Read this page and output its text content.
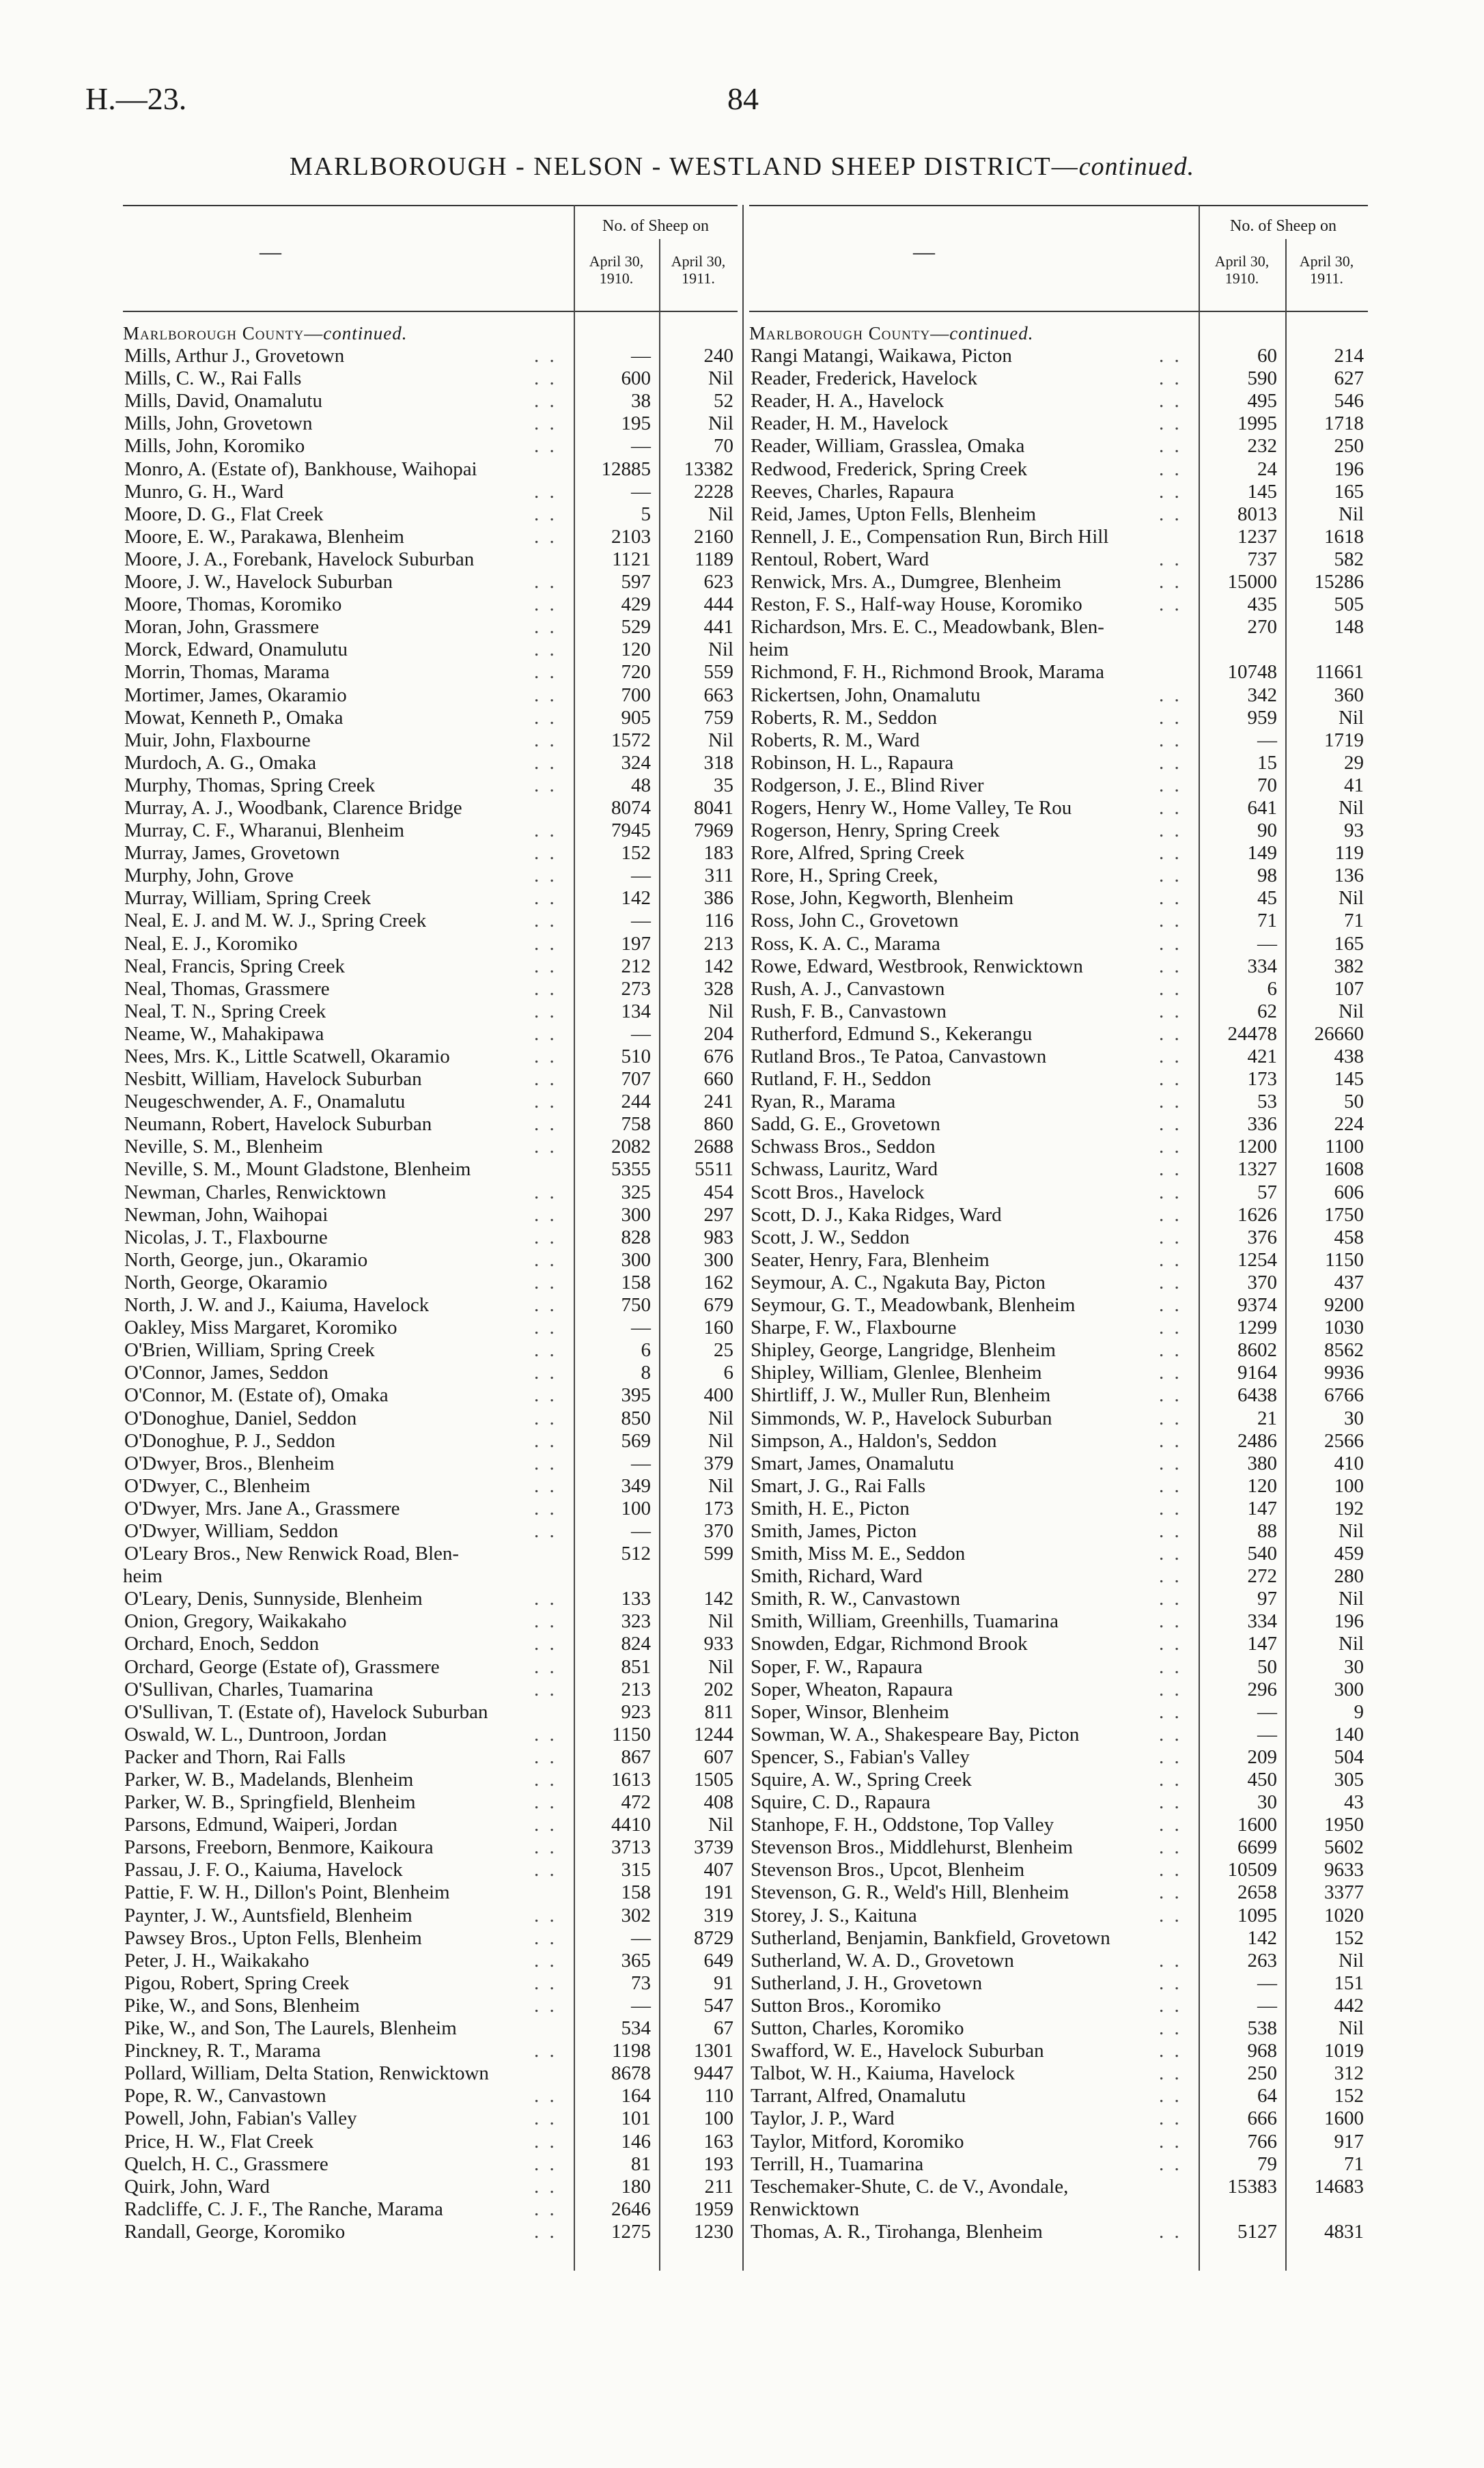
H.—23.	84
MARLBOROUGH - NELSON - WESTLAND SHEEP DISTRICT—continued.
—
No. of Sheep on
April 30,
1910.
April 30,
1911.
Marlborough County—continued.
Mills, Arthur J., Grovetown	. .	—	240
Mills, C. W., Rai Falls	. .	600	Nil
Mills, David, Onamalutu	. .	38	52
Mills, John, Grovetown	. .	195	Nil
Mills, John, Koromiko	. .	—	70
Monro, A. (Estate of), Bankhouse, Waihopai	12885	13382
Munro, G. H., Ward	. .	—	2228
Moore, D. G., Flat Creek	. .	5	Nil
Moore, E. W., Parakawa, Blenheim	. .	2103	2160
Moore, J. A., Forebank, Havelock Suburban	1121	1189
Moore, J. W., Havelock Suburban	. .	597	623
Moore, Thomas, Koromiko	. .	429	444
Moran, John, Grassmere	. .	529	441
Morck, Edward, Onamulutu	. .	120	Nil
Morrin, Thomas, Marama	. .	720	559
Mortimer, James, Okaramio	. .	700	663
Mowat, Kenneth P., Omaka	. .	905	759
Muir, John, Flaxbourne	. .	1572	Nil
Murdoch, A. G., Omaka	. .	324	318
Murphy, Thomas, Spring Creek	. .	48	35
Murray, A. J., Woodbank, Clarence Bridge	8074	8041
Murray, C. F., Wharanui, Blenheim	. .	7945	7969
Murray, James, Grovetown	. .	152	183
Murphy, John, Grove	. .	—	311
Murray, William, Spring Creek	. .	142	386
Neal, E. J. and M. W. J., Spring Creek	. .	—	116
Neal, E. J., Koromiko	. .	197	213
Neal, Francis, Spring Creek	. .	212	142
Neal, Thomas, Grassmere	. .	273	328
Neal, T. N., Spring Creek	. .	134	Nil
Neame, W., Mahakipawa	. .	—	204
Nees, Mrs. K., Little Scatwell, Okaramio	. .	510	676
Nesbitt, William, Havelock Suburban	. .	707	660
Neugeschwender, A. F., Onamalutu	. .	244	241
Neumann, Robert, Havelock Suburban	. .	758	860
Neville, S. M., Blenheim	. .	2082	2688
Neville, S. M., Mount Gladstone, Blenheim	5355	5511
Newman, Charles, Renwicktown	. .	325	454
Newman, John, Waihopai	. .	300	297
Nicolas, J. T., Flaxbourne	. .	828	983
North, George, jun., Okaramio	. .	300	300
North, George, Okaramio	. .	158	162
North, J. W. and J., Kaiuma, Havelock	. .	750	679
Oakley, Miss Margaret, Koromiko	. .	—	160
O'Brien, William, Spring Creek	. .	6	25
O'Connor, James, Seddon	. .	8	6
O'Connor, M. (Estate of), Omaka	. .	395	400
O'Donoghue, Daniel, Seddon	. .	850	Nil
O'Donoghue, P. J., Seddon	. .	569	Nil
O'Dwyer, Bros., Blenheim	. .	—	379
O'Dwyer, C., Blenheim	. .	349	Nil
O'Dwyer, Mrs. Jane A., Grassmere	. .	100	173
O'Dwyer, William, Seddon	. .	—	370
O'Leary Bros., New Renwick Road, Blen-	512	599
heim
O'Leary, Denis, Sunnyside, Blenheim	. .	133	142
Onion, Gregory, Waikakaho	. .	323	Nil
Orchard, Enoch, Seddon	. .	824	933
Orchard, George (Estate of), Grassmere	. .	851	Nil
O'Sullivan, Charles, Tuamarina	. .	213	202
O'Sullivan, T. (Estate of), Havelock Suburban	923	811
Oswald, W. L., Duntroon, Jordan	. .	1150	1244
Packer and Thorn, Rai Falls	. .	867	607
Parker, W. B., Madelands, Blenheim	. .	1613	1505
Parker, W. B., Springfield, Blenheim	. .	472	408
Parsons, Edmund, Waiperi, Jordan	. .	4410	Nil
Parsons, Freeborn, Benmore, Kaikoura	. .	3713	3739
Passau, J. F. O., Kaiuma, Havelock	. .	315	407
Pattie, F. W. H., Dillon's Point, Blenheim	158	191
Paynter, J. W., Auntsfield, Blenheim	. .	302	319
Pawsey Bros., Upton Fells, Blenheim	. .	—	8729
Peter, J. H., Waikakaho	. .	365	649
Pigou, Robert, Spring Creek	. .	73	91
Pike, W., and Sons, Blenheim	. .	—	547
Pike, W., and Son, The Laurels, Blenheim	534	67
Pinckney, R. T., Marama	. .	1198	1301
Pollard, William, Delta Station, Renwicktown	8678	9447
Pope, R. W., Canvastown	. .	164	110
Powell, John, Fabian's Valley	. .	101	100
Price, H. W., Flat Creek	. .	146	163
Quelch, H. C., Grassmere	. .	81	193
Quirk, John, Ward	. .	180	211
Radcliffe, C. J. F., The Ranche, Marama	. .	2646	1959
Randall, George, Koromiko	. .	1275	1230
—
No. of Sheep on
April 30,
1910.
April 30,
1911.
Marlborough County—continued.
Rangi Matangi, Waikawa, Picton	. .	60	214
Reader, Frederick, Havelock	. .	590	627
Reader, H. A., Havelock	. .	495	546
Reader, H. M., Havelock	. .	1995	1718
Reader, William, Grasslea, Omaka	. .	232	250
Redwood, Frederick, Spring Creek	. .	24	196
Reeves, Charles, Rapaura	. .	145	165
Reid, James, Upton Fells, Blenheim	. .	8013	Nil
Rennell, J. E., Compensation Run, Birch Hill	1237	1618
Rentoul, Robert, Ward	. .	737	582
Renwick, Mrs. A., Dumgree, Blenheim	. .	15000	15286
Reston, F. S., Half-way House, Koromiko	. .	435	505
Richardson, Mrs. E. C., Meadowbank, Blen-	270	148
heim
Richmond, F. H., Richmond Brook, Marama	10748	11661
Rickertsen, John, Onamalutu	. .	342	360
Roberts, R. M., Seddon	. .	959	Nil
Roberts, R. M., Ward	. .	—	1719
Robinson, H. L., Rapaura	. .	15	29
Rodgerson, J. E., Blind River	. .	70	41
Rogers, Henry W., Home Valley, Te Rou	. .	641	Nil
Rogerson, Henry, Spring Creek	. .	90	93
Rore, Alfred, Spring Creek	. .	149	119
Rore, H., Spring Creek,	. .	98	136
Rose, John, Kegworth, Blenheim	. .	45	Nil
Ross, John C., Grovetown	. .	71	71
Ross, K. A. C., Marama	. .	—	165
Rowe, Edward, Westbrook, Renwicktown	. .	334	382
Rush, A. J., Canvastown	. .	6	107
Rush, F. B., Canvastown	. .	62	Nil
Rutherford, Edmund S., Kekerangu	. .	24478	26660
Rutland Bros., Te Patoa, Canvastown	. .	421	438
Rutland, F. H., Seddon	. .	173	145
Ryan, R., Marama	. .	53	50
Sadd, G. E., Grovetown	. .	336	224
Schwass Bros., Seddon	. .	1200	1100
Schwass, Lauritz, Ward	. .	1327	1608
Scott Bros., Havelock	. .	57	606
Scott, D. J., Kaka Ridges, Ward	. .	1626	1750
Scott, J. W., Seddon	. .	376	458
Seater, Henry, Fara, Blenheim	. .	1254	1150
Seymour, A. C., Ngakuta Bay, Picton	. .	370	437
Seymour, G. T., Meadowbank, Blenheim	. .	9374	9200
Sharpe, F. W., Flaxbourne	. .	1299	1030
Shipley, George, Langridge, Blenheim	. .	8602	8562
Shipley, William, Glenlee, Blenheim	. .	9164	9936
Shirtliff, J. W., Muller Run, Blenheim	. .	6438	6766
Simmonds, W. P., Havelock Suburban	. .	21	30
Simpson, A., Haldon's, Seddon	. .	2486	2566
Smart, James, Onamalutu	. .	380	410
Smart, J. G., Rai Falls	. .	120	100
Smith, H. E., Picton	. .	147	192
Smith, James, Picton	. .	88	Nil
Smith, Miss M. E., Seddon	. .	540	459
Smith, Richard, Ward	. .	272	280
Smith, R. W., Canvastown	. .	97	Nil
Smith, William, Greenhills, Tuamarina	. .	334	196
Snowden, Edgar, Richmond Brook	. .	147	Nil
Soper, F. W., Rapaura	. .	50	30
Soper, Wheaton, Rapaura	. .	296	300
Soper, Winsor, Blenheim	. .	—	9
Sowman, W. A., Shakespeare Bay, Picton	. .	—	140
Spencer, S., Fabian's Valley	. .	209	504
Squire, A. W., Spring Creek	. .	450	305
Squire, C. D., Rapaura	. .	30	43
Stanhope, F. H., Oddstone, Top Valley	. .	1600	1950
Stevenson Bros., Middlehurst, Blenheim	. .	6699	5602
Stevenson Bros., Upcot, Blenheim	. .	10509	9633
Stevenson, G. R., Weld's Hill, Blenheim	. .	2658	3377
Storey, J. S., Kaituna	. .	1095	1020
Sutherland, Benjamin, Bankfield, Grovetown	142	152
Sutherland, W. A. D., Grovetown	. .	263	Nil
Sutherland, J. H., Grovetown	. .	—	151
Sutton Bros., Koromiko	. .	—	442
Sutton, Charles, Koromiko	. .	538	Nil
Swafford, W. E., Havelock Suburban	. .	968	1019
Talbot, W. H., Kaiuma, Havelock	. .	250	312
Tarrant, Alfred, Onamalutu	. .	64	152
Taylor, J. P., Ward	. .	666	1600
Taylor, Mitford, Koromiko	. .	766	917
Terrill, H., Tuamarina	. .	79	71
Teschemaker-Shute, C. de V., Avondale,	15383	14683
Renwicktown
Thomas, A. R., Tirohanga, Blenheim	. .	5127	4831
